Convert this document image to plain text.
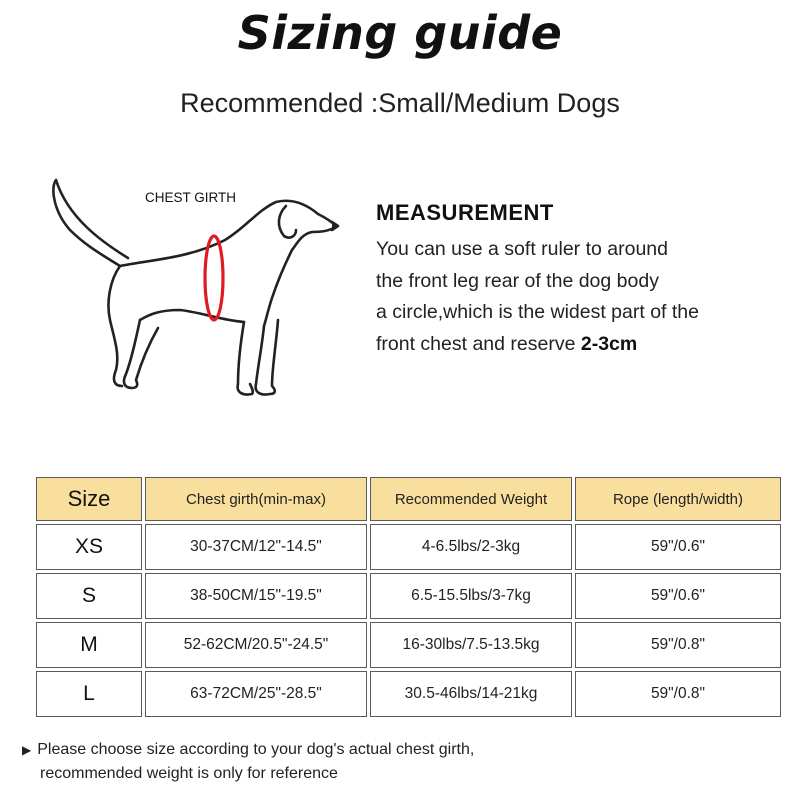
Sizing guide
Recommended :Small/Medium Dogs
CHEST GIRTH
MEASUREMENT
You can use a soft ruler to around
the front leg rear of the dog body
a circle,which is the widest part of the
front chest and reserve 2-3cm
Size	Chest girth(min-max)	Recommended Weight	Rope (length/width)
XS	30-37CM/12"-14.5"	4-6.5lbs/2-3kg	59"/0.6"
S	38-50CM/15"-19.5"	6.5-15.5lbs/3-7kg	59"/0.6"
M	52-62CM/20.5"-24.5"	16-30lbs/7.5-13.5kg	59"/0.8"
L	63-72CM/25"-28.5"	30.5-46lbs/14-21kg	59"/0.8"
▶ Please choose size according to your dog's actual chest girth,
recommended weight is only for reference
